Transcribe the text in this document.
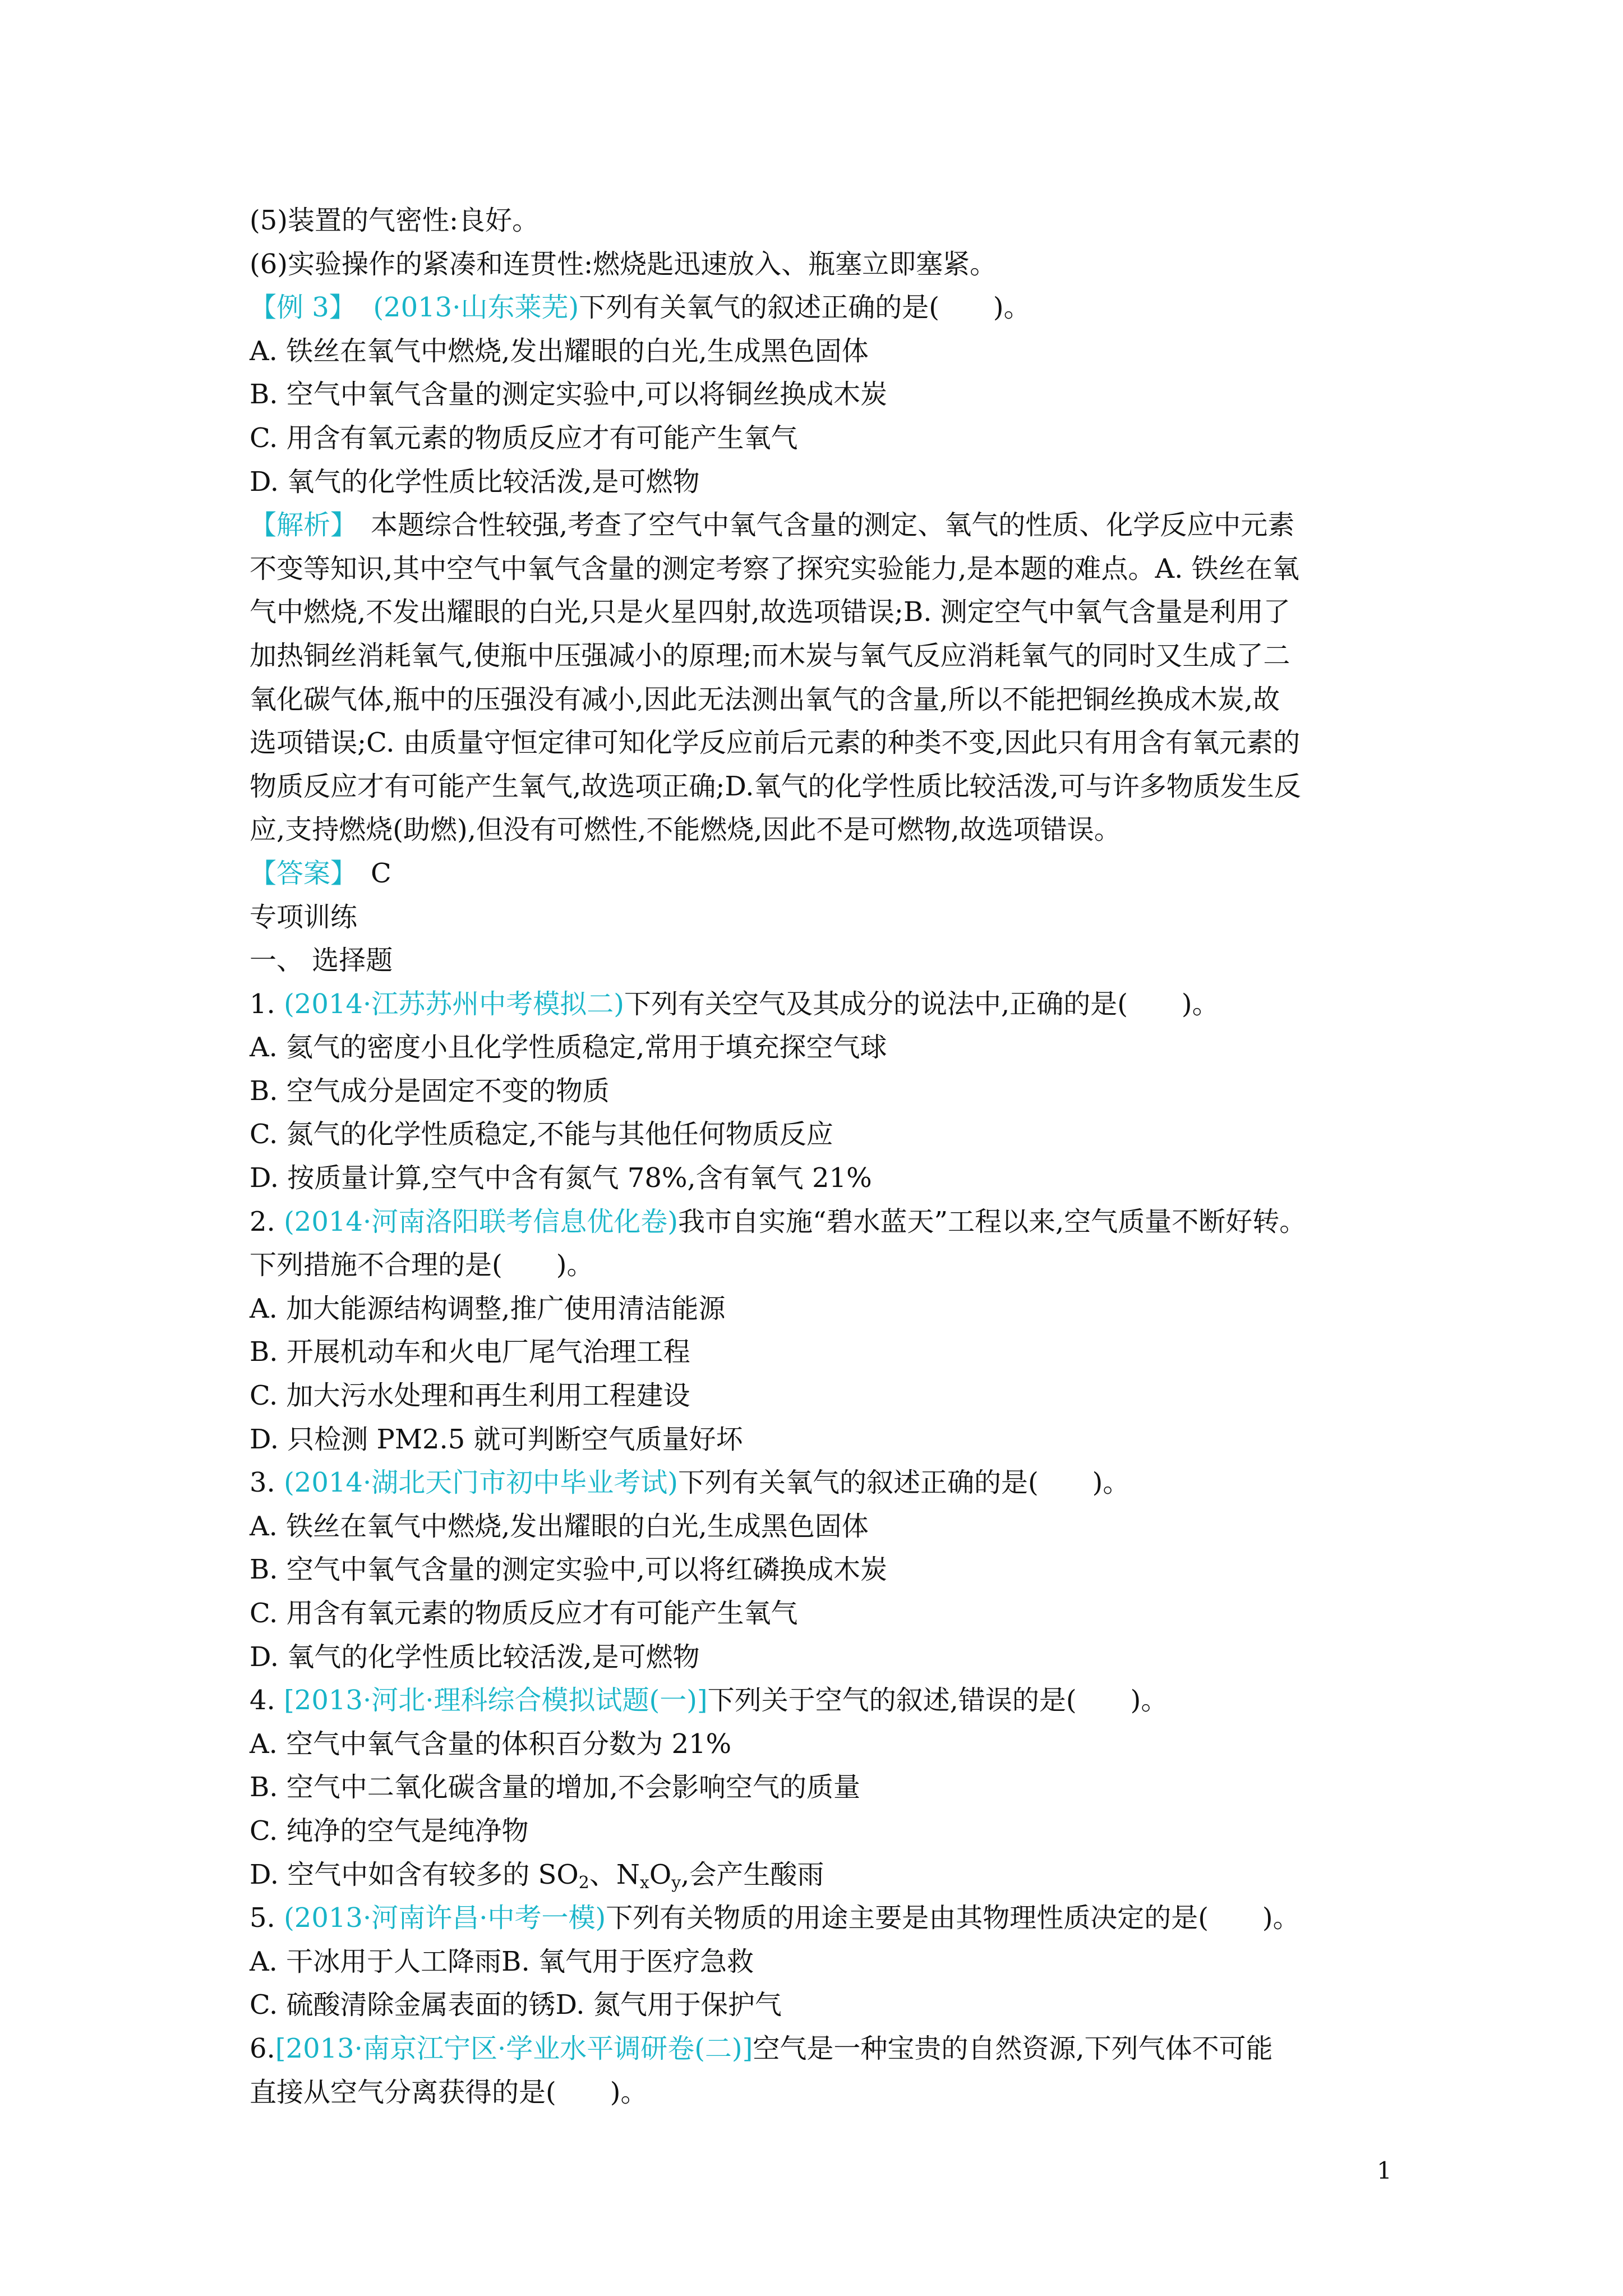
(5)装置的气密性:良好。
(6)实验操作的紧凑和连贯性:燃烧匙迅速放入、瓶塞立即塞紧。
【例 3】 (2013·山东莱芜)下列有关氧气的叙述正确的是(　　)。
A. 铁丝在氧气中燃烧,发出耀眼的白光,生成黑色固体
B. 空气中氧气含量的测定实验中,可以将铜丝换成木炭
C. 用含有氧元素的物质反应才有可能产生氧气
D. 氧气的化学性质比较活泼,是可燃物
【解析】　本题综合性较强,考查了空气中氧气含量的测定、氧气的性质、化学反应中元素
不变等知识,其中空气中氧气含量的测定考察了探究实验能力,是本题的难点。A. 铁丝在氧
气中燃烧,不发出耀眼的白光,只是火星四射,故选项错误;B. 测定空气中氧气含量是利用了
加热铜丝消耗氧气,使瓶中压强减小的原理;而木炭与氧气反应消耗氧气的同时又生成了二
氧化碳气体,瓶中的压强没有减小,因此无法测出氧气的含量,所以不能把铜丝换成木炭,故
选项错误;C. 由质量守恒定律可知化学反应前后元素的种类不变,因此只有用含有氧元素的
物质反应才有可能产生氧气,故选项正确;D.氧气的化学性质比较活泼,可与许多物质发生反
应,支持燃烧(助燃),但没有可燃性,不能燃烧,因此不是可燃物,故选项错误。
【答案】　C
专项训练
一、 选择题
1. (2014·江苏苏州中考模拟二)下列有关空气及其成分的说法中,正确的是(　　)。
A. 氦气的密度小且化学性质稳定,常用于填充探空气球
B. 空气成分是固定不变的物质
C. 氮气的化学性质稳定,不能与其他任何物质反应
D. 按质量计算,空气中含有氮气 78%,含有氧气 21%
2. (2014·河南洛阳联考信息优化卷)我市自实施“碧水蓝天”工程以来,空气质量不断好转。
下列措施不合理的是(　　)。
A. 加大能源结构调整,推广使用清洁能源
B. 开展机动车和火电厂尾气治理工程
C. 加大污水处理和再生利用工程建设
D. 只检测 PM2.5 就可判断空气质量好坏
3. (2014·湖北天门市初中毕业考试)下列有关氧气的叙述正确的是(　　)。
A. 铁丝在氧气中燃烧,发出耀眼的白光,生成黑色固体
B. 空气中氧气含量的测定实验中,可以将红磷换成木炭
C. 用含有氧元素的物质反应才有可能产生氧气
D. 氧气的化学性质比较活泼,是可燃物
4. [2013·河北·理科综合模拟试题(一)]下列关于空气的叙述,错误的是(　　)。
A. 空气中氧气含量的体积百分数为 21%
B. 空气中二氧化碳含量的增加,不会影响空气的质量
C. 纯净的空气是纯净物
D. 空气中如含有较多的 $SO_2$、$N_xO_y$,会产生酸雨
5. (2013·河南许昌·中考一模)下列有关物质的用途主要是由其物理性质决定的是(　　)。
A. 干冰用于人工降雨B. 氧气用于医疗急救
C. 硫酸清除金属表面的锈D. 氮气用于保护气
6.[2013·南京江宁区·学业水平调研卷(二)]空气是一种宝贵的自然资源,下列气体不可能
直接从空气分离获得的是(　　)。
1
